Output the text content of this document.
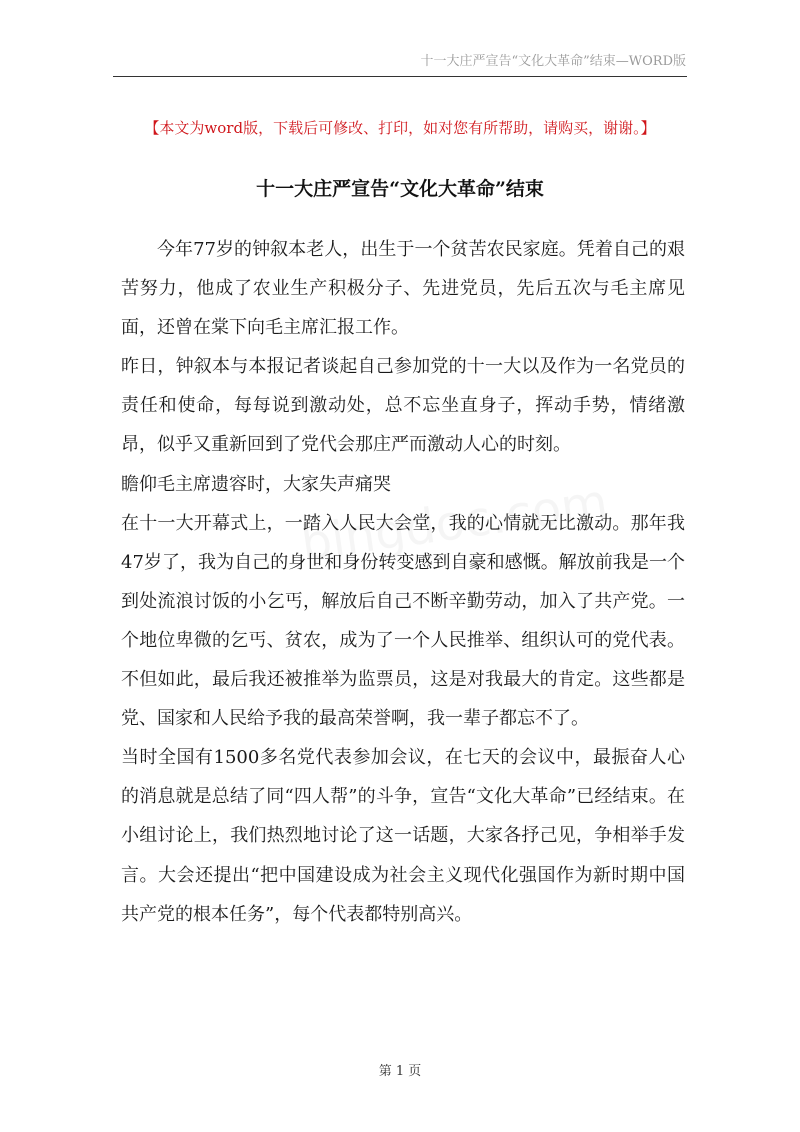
十一大庄严宣告“文化大革命”结束—WORD版
【本文为word版，下载后可修改、打印，如对您有所帮助，请购买，谢谢。】
十一大庄严宣告“文化大革命”结束

今年77岁的钟叙本老人，出生于一个贫苦农民家庭。凭着自己的艰苦努力，他成了农业生产积极分子、先进党员，先后五次与毛主席见面，还曾在棠下向毛主席汇报工作。

昨日，钟叙本与本报记者谈起自己参加党的十一大以及作为一名党员的责任和使命，每每说到激动处，总不忘坐直身子，挥动手势，情绪激昂，似乎又重新回到了党代会那庄严而激动人心的时刻。

瞻仰毛主席遗容时，大家失声痛哭

在十一大开幕式上，一踏入人民大会堂，我的心情就无比激动。那年我47岁了，我为自己的身世和身份转变感到自豪和感慨。解放前我是一个到处流浪讨饭的小乞丐，解放后自己不断辛勤劳动，加入了共产党。一个地位卑微的乞丐、贫农，成为了一个人民推举、组织认可的党代表。不但如此，最后我还被推举为监票员，这是对我最大的肯定。这些都是党、国家和人民给予我的最高荣誉啊，我一辈子都忘不了。

当时全国有1500多名党代表参加会议，在七天的会议中，最振奋人心的消息就是总结了同“四人帮”的斗争，宣告“文化大革命”已经结束。在小组讨论上，我们热烈地讨论了这一话题，大家各抒己见，争相举手发言。大会还提出“把中国建设成为社会主义现代化强国作为新时期中国共产党的根本任务”，每个代表都特别高兴。

第 1 页
